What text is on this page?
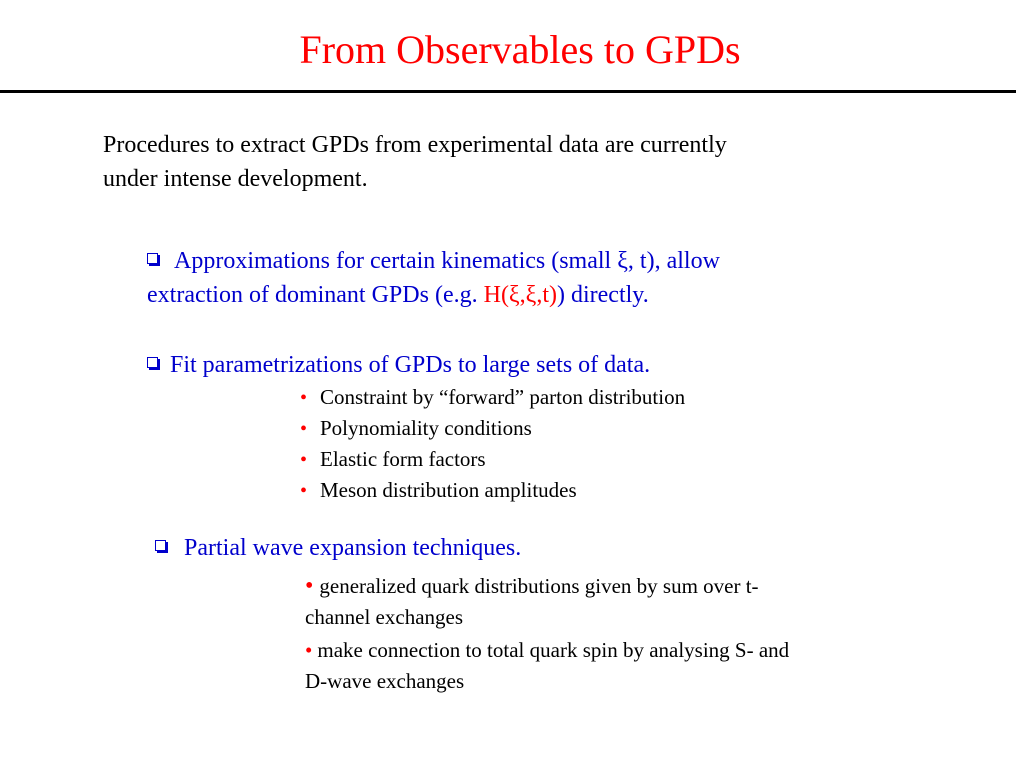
From Observables to GPDs
Procedures to extract GPDs from experimental data are currently
under intense development.
Approximations for certain kinematics (small ξ, t), allow
extraction of dominant GPDs (e.g. H(ξ,ξ,t)) directly.
Fit parametrizations of GPDs to large sets of data.
• Constraint by “forward” parton distribution
• Polynomiality conditions
• Elastic form factors
• Meson distribution amplitudes
Partial wave expansion techniques.
• generalized quark distributions given by sum over t-
channel exchanges
• make connection to total quark spin by analysing S- and
D-wave exchanges
